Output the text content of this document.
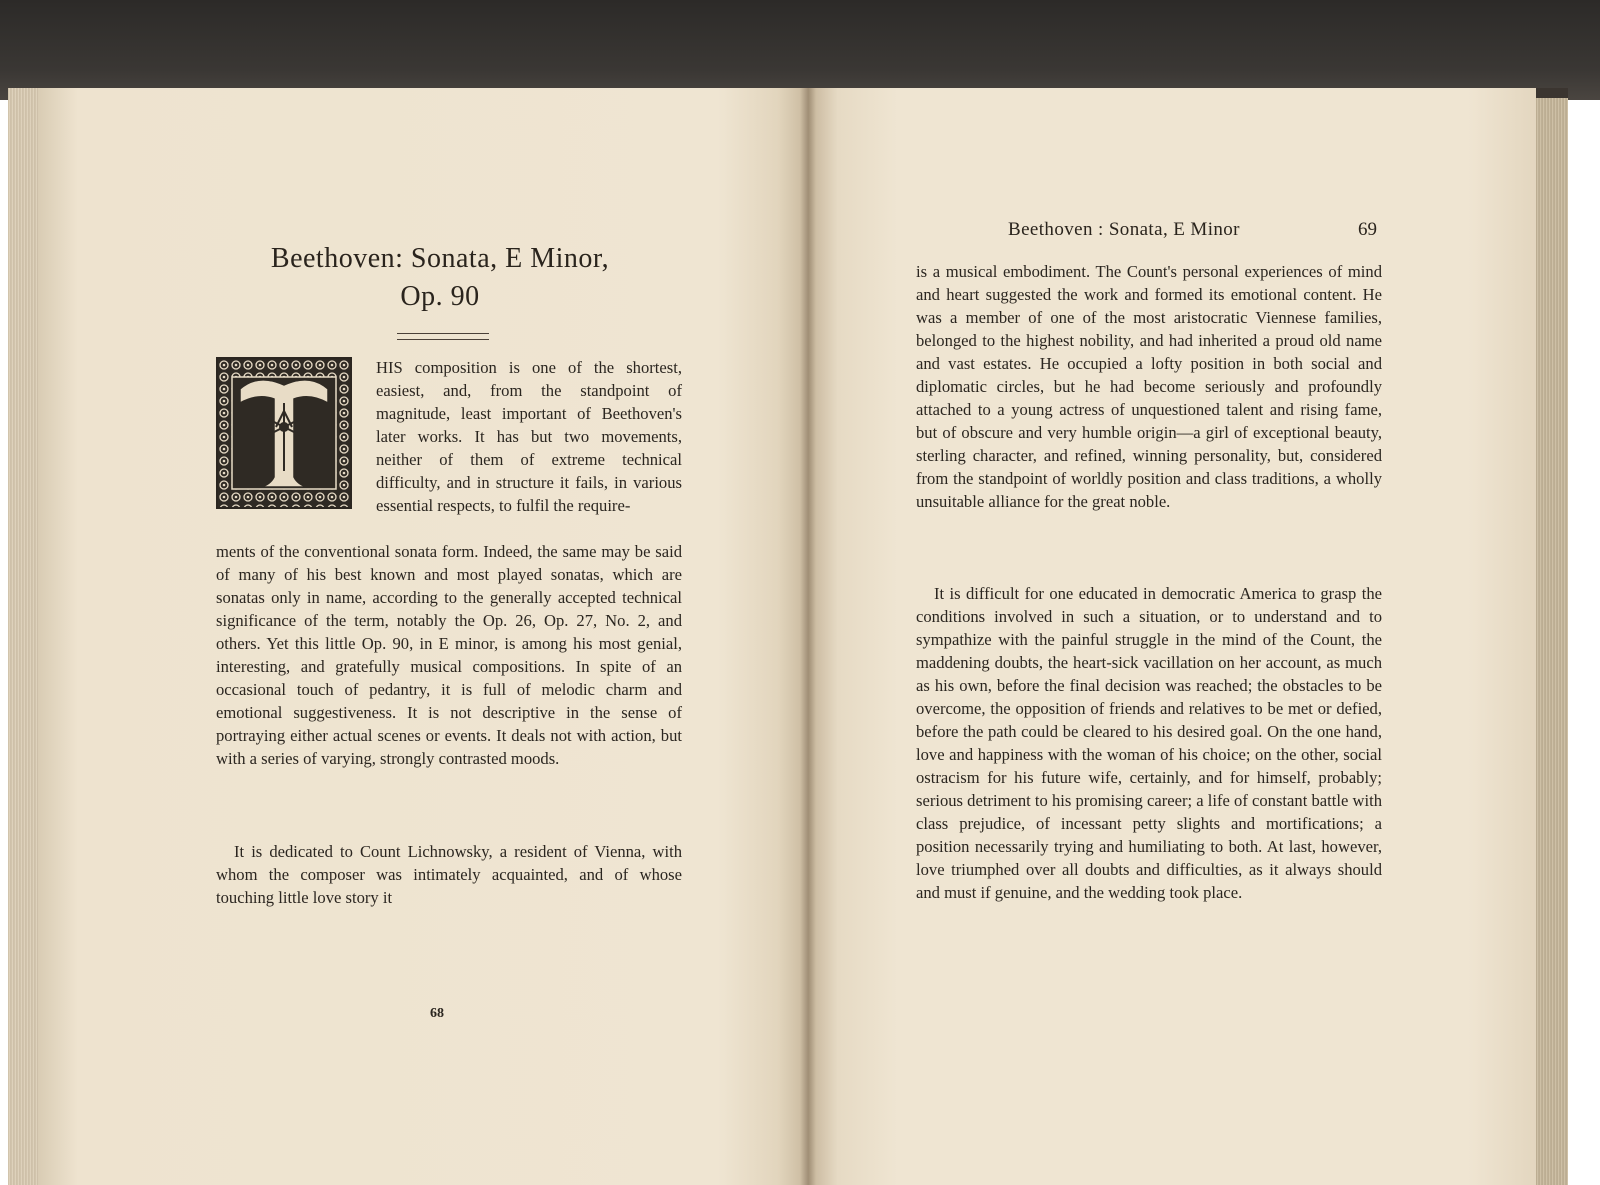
Beethoven: Sonata, E Minor,
Op. 90
HIS composition is one of the shortest, easiest, and, from the standpoint of magnitude, least important of Beethoven's later works. It has but two movements, neither of them of extreme technical difficulty, and in structure it fails, in various essential respects, to fulfil the require-
ments of the conventional sonata form. Indeed, the same may be said of many of his best known and most played sonatas, which are sonatas only in name, according to the generally accepted technical significance of the term, notably the Op. 26, Op. 27, No. 2, and others. Yet this little Op. 90, in E minor, is among his most genial, interesting, and gratefully musical compositions. In spite of an occasional touch of pedantry, it is full of melodic charm and emotional suggestiveness. It is not descriptive in the sense of portraying either actual scenes or events. It deals not with action, but with a series of varying, strongly contrasted moods.
It is dedicated to Count Lichnowsky, a resident of Vienna, with whom the composer was intimately acquainted, and of whose touching little love story it
68
Beethoven : Sonata, E Minor	69
is a musical embodiment. The Count's personal experiences of mind and heart suggested the work and formed its emotional content. He was a member of one of the most aristocratic Viennese families, belonged to the highest nobility, and had inherited a proud old name and vast estates. He occupied a lofty position in both social and diplomatic circles, but he had become seriously and profoundly attached to a young actress of unquestioned talent and rising fame, but of obscure and very humble origin—a girl of exceptional beauty, sterling character, and refined, winning personality, but, considered from the standpoint of worldly position and class traditions, a wholly unsuitable alliance for the great noble.
It is difficult for one educated in democratic America to grasp the conditions involved in such a situation, or to understand and to sympathize with the painful struggle in the mind of the Count, the maddening doubts, the heart-sick vacillation on her account, as much as his own, before the final decision was reached; the obstacles to be overcome, the opposition of friends and relatives to be met or defied, before the path could be cleared to his desired goal. On the one hand, love and happiness with the woman of his choice; on the other, social ostracism for his future wife, certainly, and for himself, probably; serious detriment to his promising career; a life of constant battle with class prejudice, of incessant petty slights and mortifications; a position necessarily trying and humiliating to both. At last, however, love triumphed over all doubts and difficulties, as it always should and must if genuine, and the wedding took place.
